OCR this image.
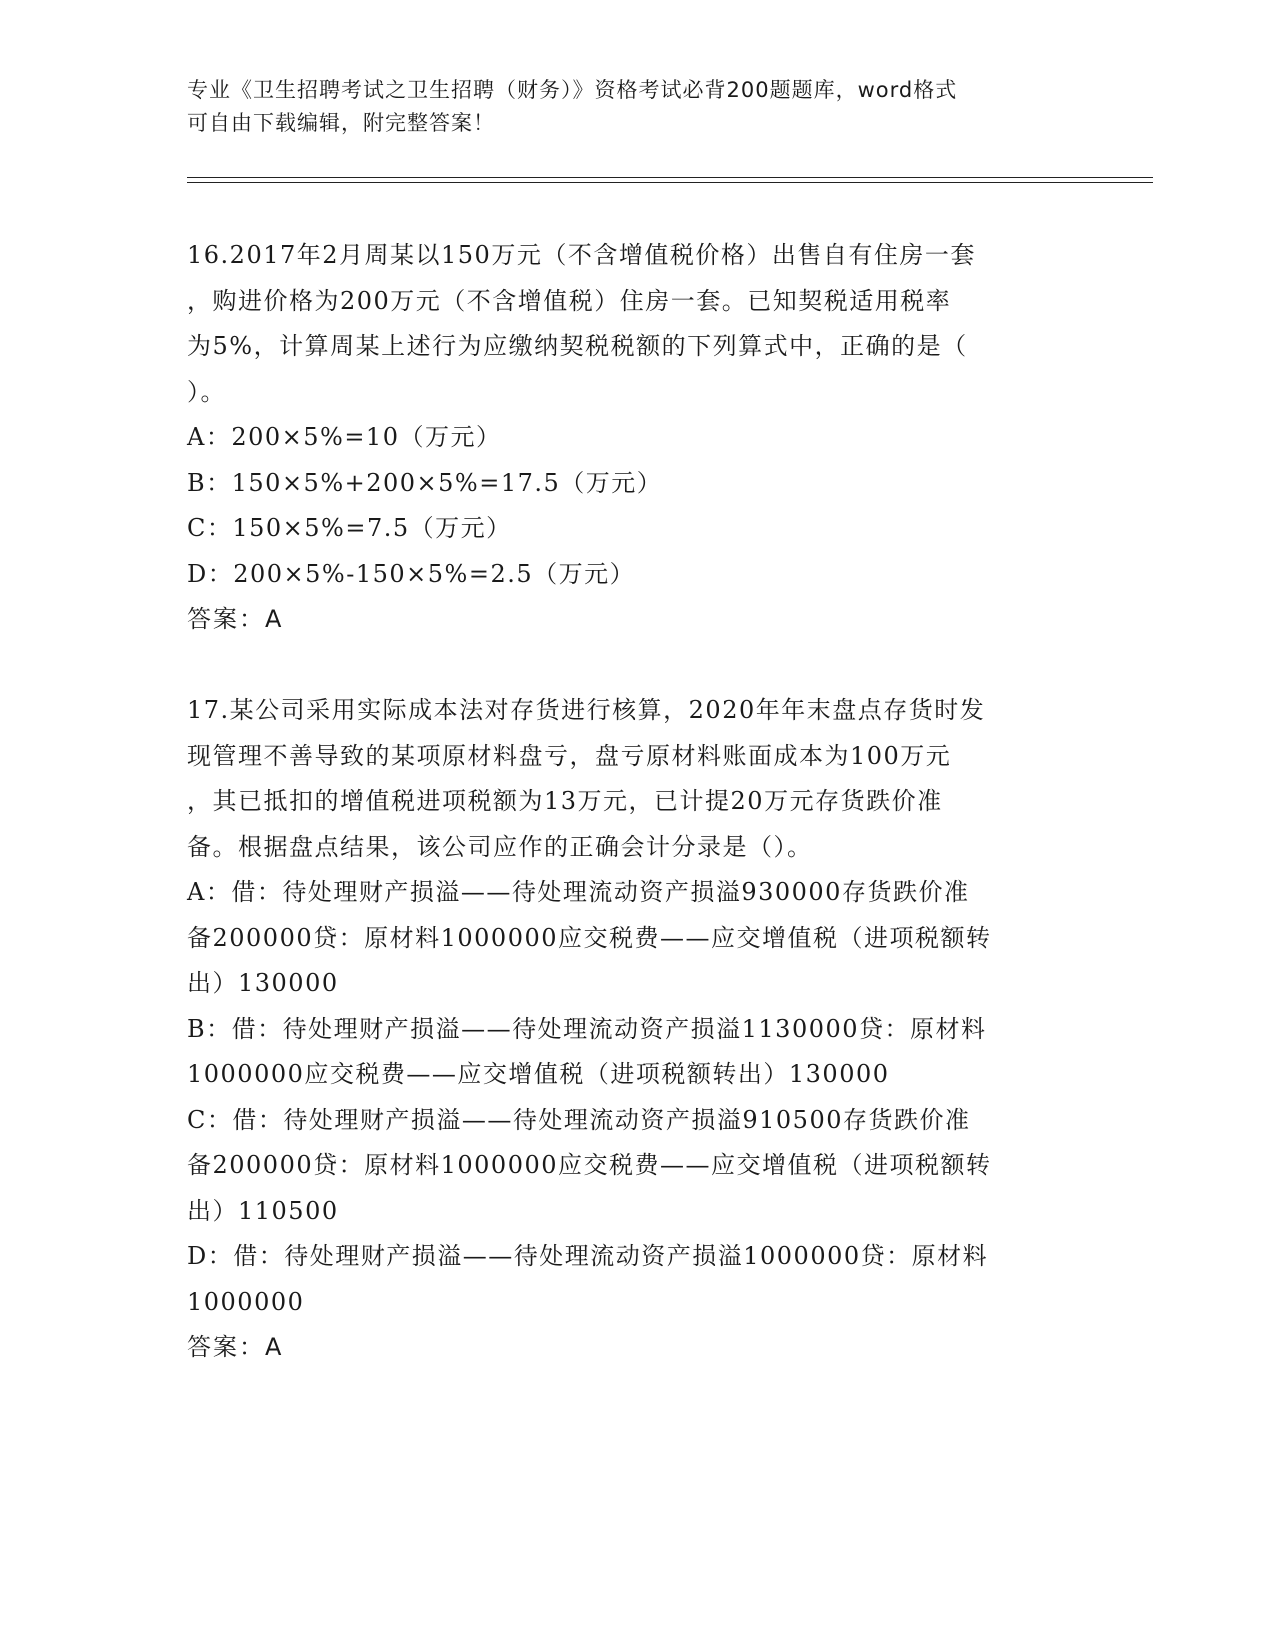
专业《卫生招聘考试之卫生招聘（财务）》资格考试必背200题题库，word格式
可自由下载编辑，附完整答案！
16.2017年2月周某以150万元（不含增值税价格）出售自有住房一套
，购进价格为200万元（不含增值税）住房一套。已知契税适用税率
为5%，计算周某上述行为应缴纳契税税额的下列算式中，正确的是（
）。
A：200×5%=10（万元）
B：150×5%+200×5%=17.5（万元）
C：150×5%=7.5（万元）
D：200×5%-150×5%=2.5（万元）
答案：A
17.某公司采用实际成本法对存货进行核算，2020年年末盘点存货时发
现管理不善导致的某项原材料盘亏，盘亏原材料账面成本为100万元
，其已抵扣的增值税进项税额为13万元，已计提20万元存货跌价准
备。根据盘点结果，该公司应作的正确会计分录是（）。
A：借：待处理财产损溢——待处理流动资产损溢930000存货跌价准
备200000贷：原材料1000000应交税费——应交增值税（进项税额转
出）130000
B：借：待处理财产损溢——待处理流动资产损溢1130000贷：原材料
1000000应交税费——应交增值税（进项税额转出）130000
C：借：待处理财产损溢——待处理流动资产损溢910500存货跌价准
备200000贷：原材料1000000应交税费——应交增值税（进项税额转
出）110500
D：借：待处理财产损溢——待处理流动资产损溢1000000贷：原材料
1000000
答案：A
